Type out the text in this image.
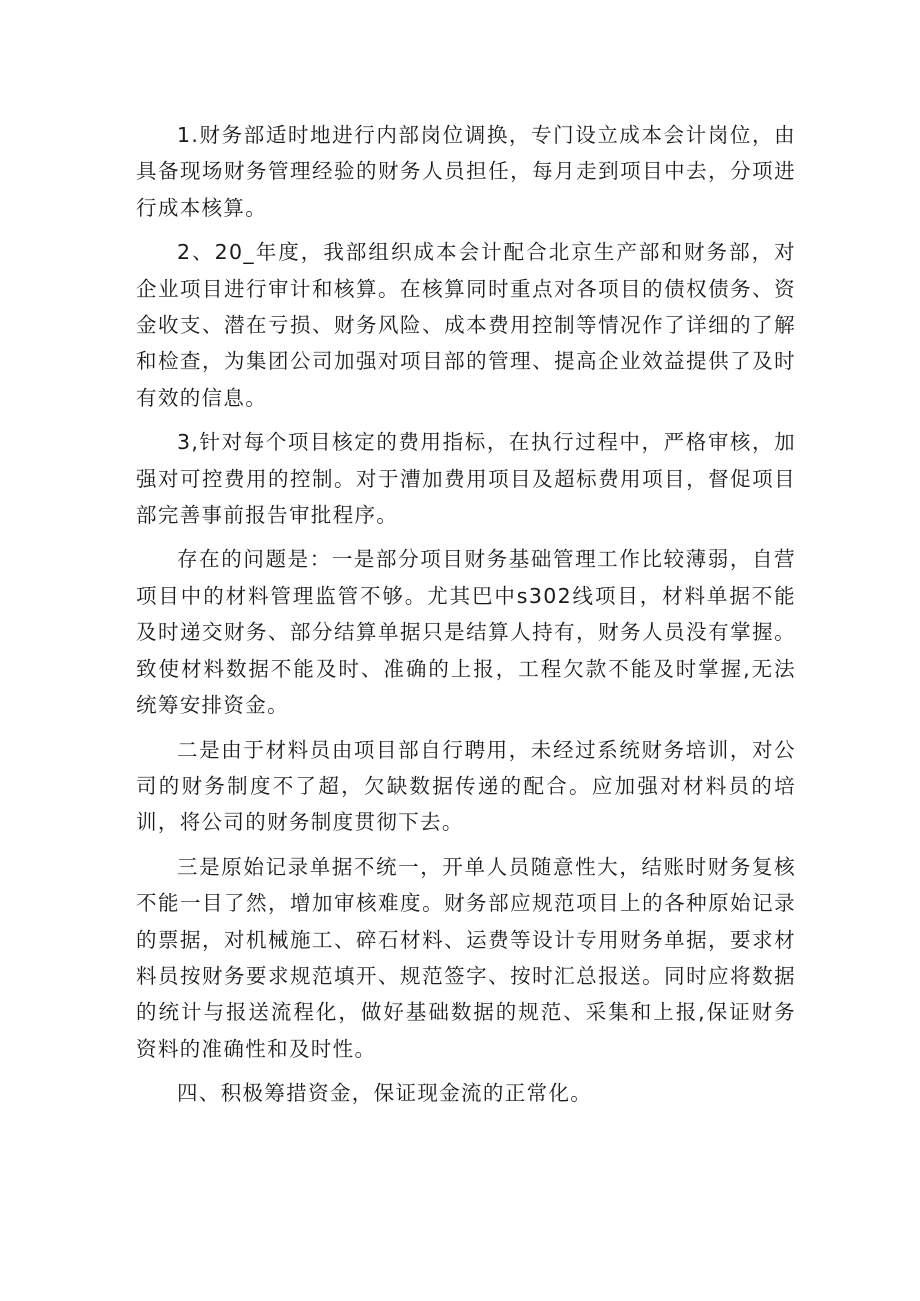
1.财务部适时地进行内部岗位调换，专门设立成本会计岗位，由具备现场财务管理经验的财务人员担任，每月走到项目中去，分项进行成本核算。

2、20_年度，我部组织成本会计配合北京生产部和财务部，对企业项目进行审计和核算。在核算同时重点对各项目的债权债务、资金收支、潜在亏损、财务风险、成本费用控制等情况作了详细的了解和检查，为集团公司加强对项目部的管理、提高企业效益提供了及时有效的信息。

3,针对每个项目核定的费用指标，在执行过程中，严格审核，加强对可控费用的控制。对于漕加费用项目及超标费用项目，督促项目部完善事前报告审批程序。

存在的问题是：一是部分项目财务基础管理工作比较薄弱，自营项目中的材料管理监管不够。尤其巴中s302线项目，材料单据不能及时递交财务、部分结算单据只是结算人持有，财务人员没有掌握。致使材料数据不能及时、准确的上报，工程欠款不能及时掌握,无法统筹安排资金。

二是由于材料员由项目部自行聘用，未经过系统财务培训，对公司的财务制度不了超，欠缺数据传递的配合。应加强对材料员的培训，将公司的财务制度贯彻下去。

三是原始记录单据不统一，开单人员随意性大，结账时财务复核不能一目了然，增加审核难度。财务部应规范项目上的各种原始记录的票据，对机械施工、碎石材料、运费等设计专用财务单据，要求材料员按财务要求规范填开、规范签字、按时汇总报送。同时应将数据的统计与报送流程化，做好基础数据的规范、采集和上报,保证财务资料的准确性和及时性。

四、积极筹措资金，保证现金流的正常化。
